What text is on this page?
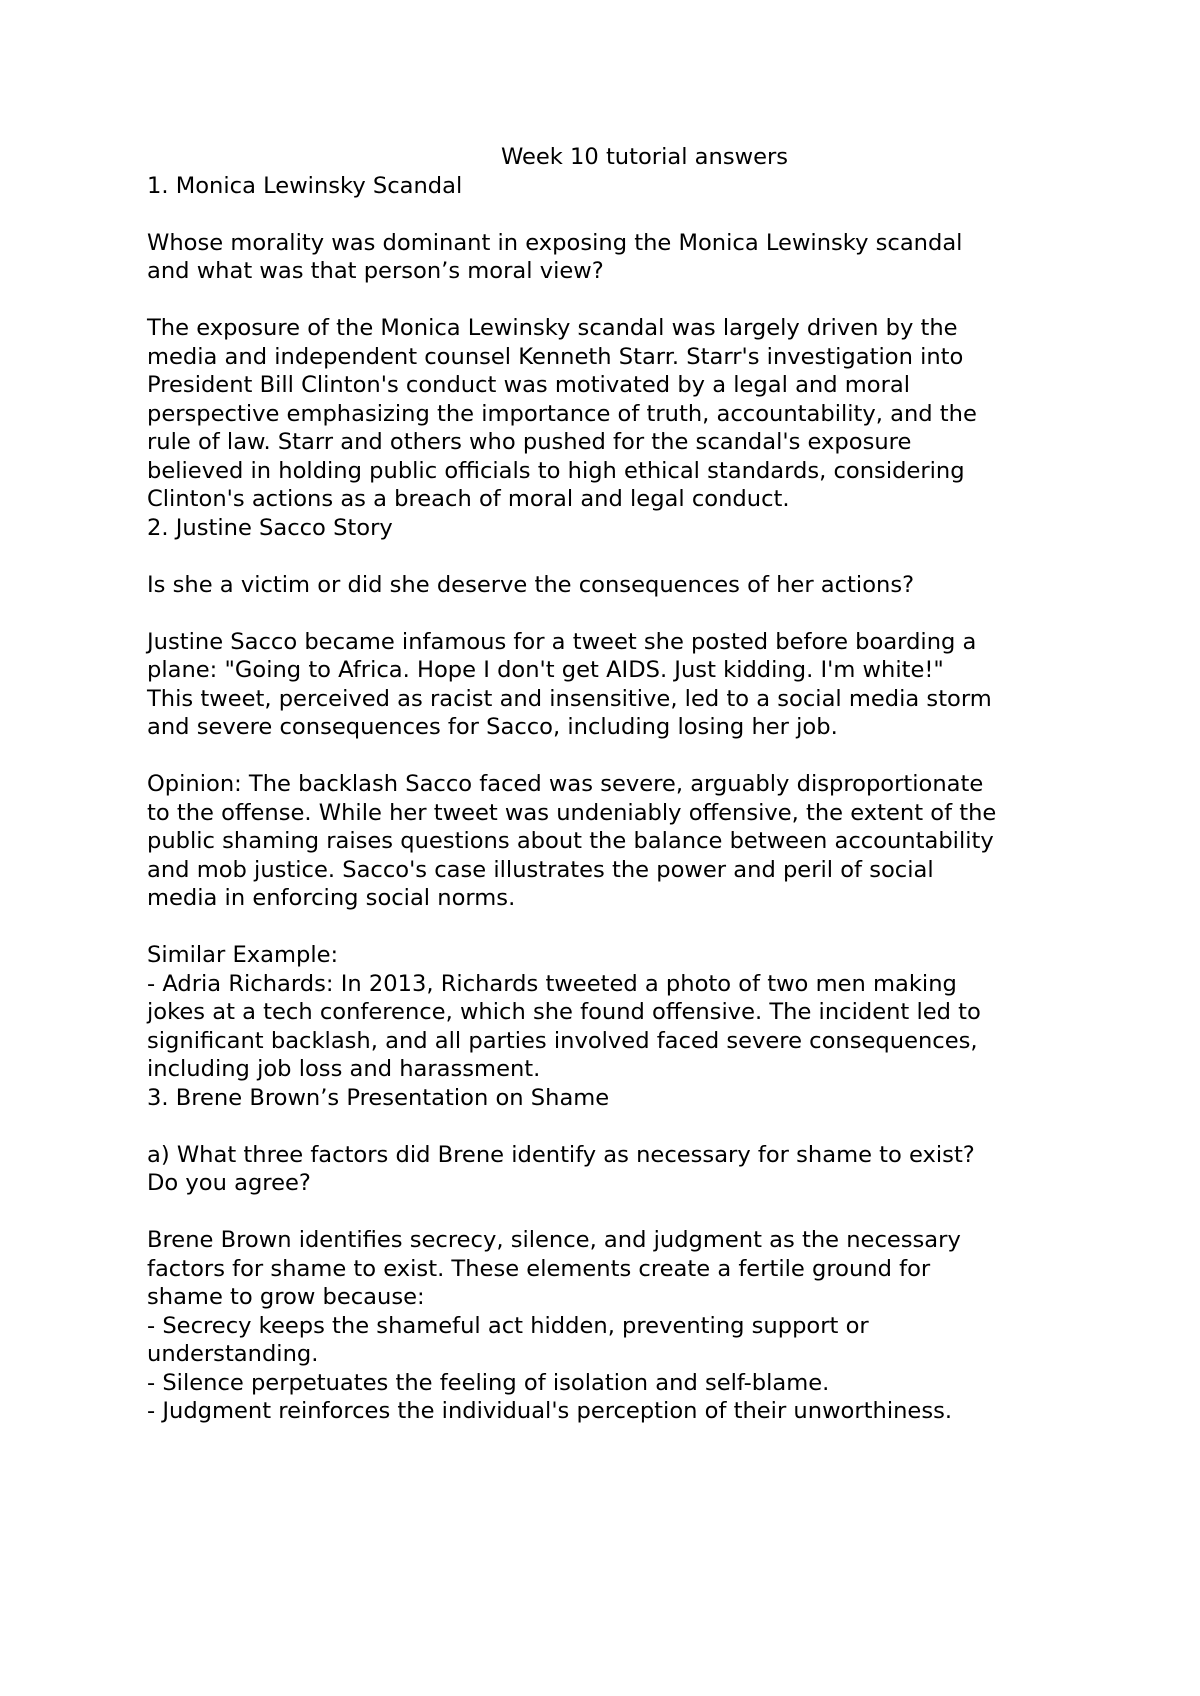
Week 10 tutorial answers
1. Monica Lewinsky Scandal

Whose morality was dominant in exposing the Monica Lewinsky scandal
and what was that person’s moral view?

The exposure of the Monica Lewinsky scandal was largely driven by the
media and independent counsel Kenneth Starr. Starr's investigation into
President Bill Clinton's conduct was motivated by a legal and moral
perspective emphasizing the importance of truth, accountability, and the
rule of law. Starr and others who pushed for the scandal's exposure
believed in holding public officials to high ethical standards, considering
Clinton's actions as a breach of moral and legal conduct.

2. Justine Sacco Story

Is she a victim or did she deserve the consequences of her actions?

Justine Sacco became infamous for a tweet she posted before boarding a
plane: "Going to Africa. Hope I don't get AIDS. Just kidding. I'm white!"
This tweet, perceived as racist and insensitive, led to a social media storm
and severe consequences for Sacco, including losing her job.

Opinion: The backlash Sacco faced was severe, arguably disproportionate
to the offense. While her tweet was undeniably offensive, the extent of the
public shaming raises questions about the balance between accountability
and mob justice. Sacco's case illustrates the power and peril of social
media in enforcing social norms.

Similar Example:

- Adria Richards: In 2013, Richards tweeted a photo of two men making
jokes at a tech conference, which she found offensive. The incident led to
significant backlash, and all parties involved faced severe consequences,
including job loss and harassment.

3. Brene Brown’s Presentation on Shame

a) What three factors did Brene identify as necessary for shame to exist?
Do you agree?

Brene Brown identifies secrecy, silence, and judgment as the necessary
factors for shame to exist. These elements create a fertile ground for
shame to grow because:

- Secrecy keeps the shameful act hidden, preventing support or
understanding.

- Silence perpetuates the feeling of isolation and self-blame.

- Judgment reinforces the individual's perception of their unworthiness.
